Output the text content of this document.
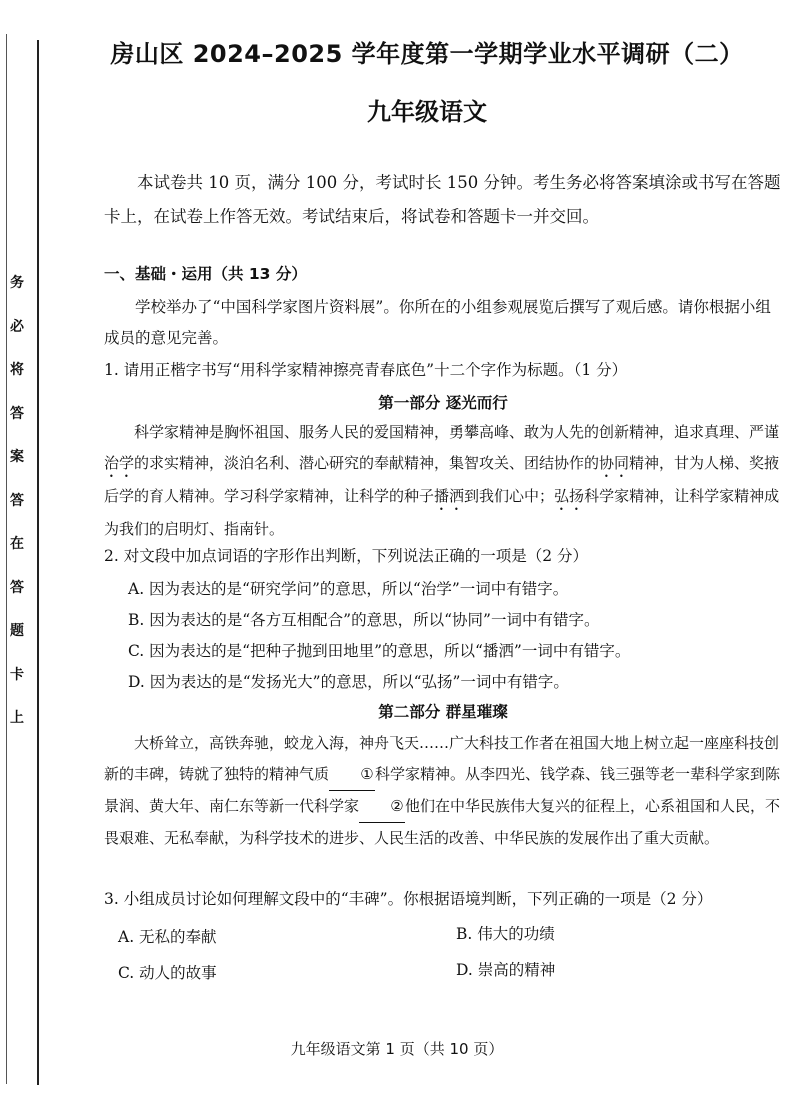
务
必
将
答
案
答
在
答
题
卡
上
房山区 2024–2025 学年度第一学期学业水平调研（二）
九年级语文
本试卷共 10 页，满分 100 分，考试时长 150 分钟。考生务必将答案填涂或书写在答题卡上，在试卷上作答无效。考试结束后，将试卷和答题卡一并交回。
一、基础・运用（共 13 分）
学校举办了“中国科学家图片资料展”。你所在的小组参观展览后撰写了观后感。请你根据小组成员的意见完善。
1. 请用正楷字书写“用科学家精神擦亮青春底色”十二个字作为标题。（1 分）
第一部分 逐光而行
科学家精神是胸怀祖国、服务人民的爱国精神，勇攀高峰、敢为人先的创新精神，追求真理、严谨治学的求实精神，淡泊名利、潜心研究的奉献精神，集智攻关、团结协作的协同精神，甘为人梯、奖掖后学的育人精神。学习科学家精神，让科学的种子播洒到我们心中；弘扬科学家精神，让科学家精神成为我们的启明灯、指南针。
2. 对文段中加点词语的字形作出判断，下列说法正确的一项是（2 分）
A. 因为表达的是“研究学问”的意思，所以“治学”一词中有错字。
B. 因为表达的是“各方互相配合”的意思，所以“协同”一词中有错字。
C. 因为表达的是“把种子抛到田地里”的意思，所以“播洒”一词中有错字。
D. 因为表达的是“发扬光大”的意思，所以“弘扬”一词中有错字。
第二部分 群星璀璨
大桥耸立，高铁奔驰，蛟龙入海，神舟飞天……广大科技工作者在祖国大地上树立起一座座科技创新的丰碑，铸就了独特的精神气质 ①科学家精神。从李四光、钱学森、钱三强等老一辈科学家到陈景润、黄大年、南仁东等新一代科学家 ②他们在中华民族伟大复兴的征程上，心系祖国和人民，不畏艰难、无私奉献，为科学技术的进步、人民生活的改善、中华民族的发展作出了重大贡献。
3. 小组成员讨论如何理解文段中的“丰碑”。你根据语境判断，下列正确的一项是（2 分）
A. 无私的奉献	B. 伟大的功绩
C. 动人的故事	D. 崇高的精神
九年级语文第 1 页（共 10 页）
